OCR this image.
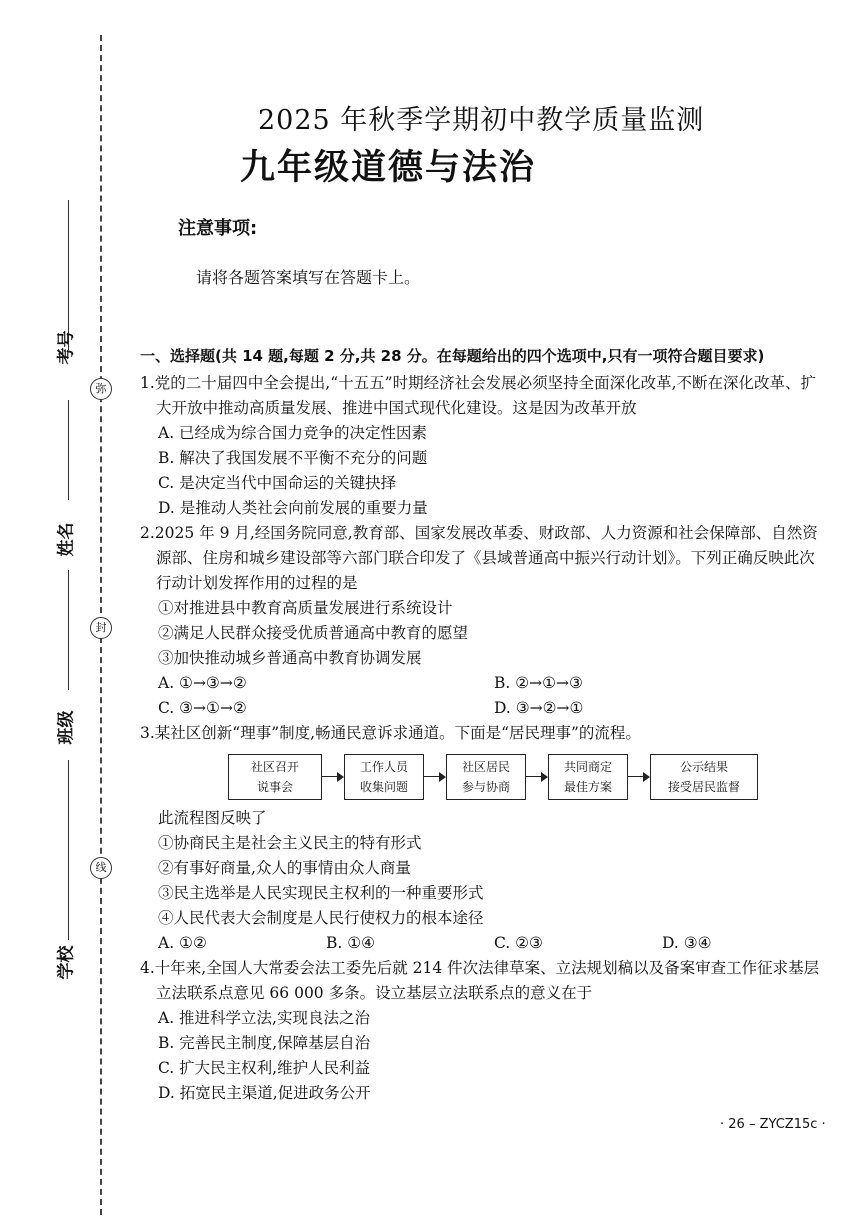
考号
弥
姓名
封
班级
线
学校
2025 年秋季学期初中教学质量监测
九年级道德与法治
注意事项:
请将各题答案填写在答题卡上。
一、选择题(共 14 题,每题 2 分,共 28 分。在每题给出的四个选项中,只有一项符合题目要求)
1.党的二十届四中全会提出,“十五五”时期经济社会发展必须坚持全面深化改革,不断在深化改革、扩大开放中推动高质量发展、推进中国式现代化建设。这是因为改革开放
A. 已经成为综合国力竞争的决定性因素
B. 解决了我国发展不平衡不充分的问题
C. 是决定当代中国命运的关键抉择
D. 是推动人类社会向前发展的重要力量
2.2025 年 9 月,经国务院同意,教育部、国家发展改革委、财政部、人力资源和社会保障部、自然资源部、住房和城乡建设部等六部门联合印发了《县域普通高中振兴行动计划》。下列正确反映此次行动计划发挥作用的过程的是
①对推进县中教育高质量发展进行系统设计
②满足人民群众接受优质普通高中教育的愿望
③加快推动城乡普通高中教育协调发展
A. ①→③→②	B. ②→①→③
C. ③→①→②	D. ③→②→①
3.某社区创新“理事”制度,畅通民意诉求通道。下面是“居民理事”的流程。
社区召开
说事会
工作人员
收集问题
社区居民
参与协商
共同商定
最佳方案
公示结果
接受居民监督
此流程图反映了
①协商民主是社会主义民主的特有形式
②有事好商量,众人的事情由众人商量
③民主选举是人民实现民主权利的一种重要形式
④人民代表大会制度是人民行使权力的根本途径
A. ①②	B. ①④	C. ②③	D. ③④
4.十年来,全国人大常委会法工委先后就 214 件次法律草案、立法规划稿以及备案审查工作征求基层立法联系点意见 66 000 多条。设立基层立法联系点的意义在于
A. 推进科学立法,实现良法之治
B. 完善民主制度,保障基层自治
C. 扩大民主权利,维护人民利益
D. 拓宽民主渠道,促进政务公开
· 26 – ZYCZ15c ·
